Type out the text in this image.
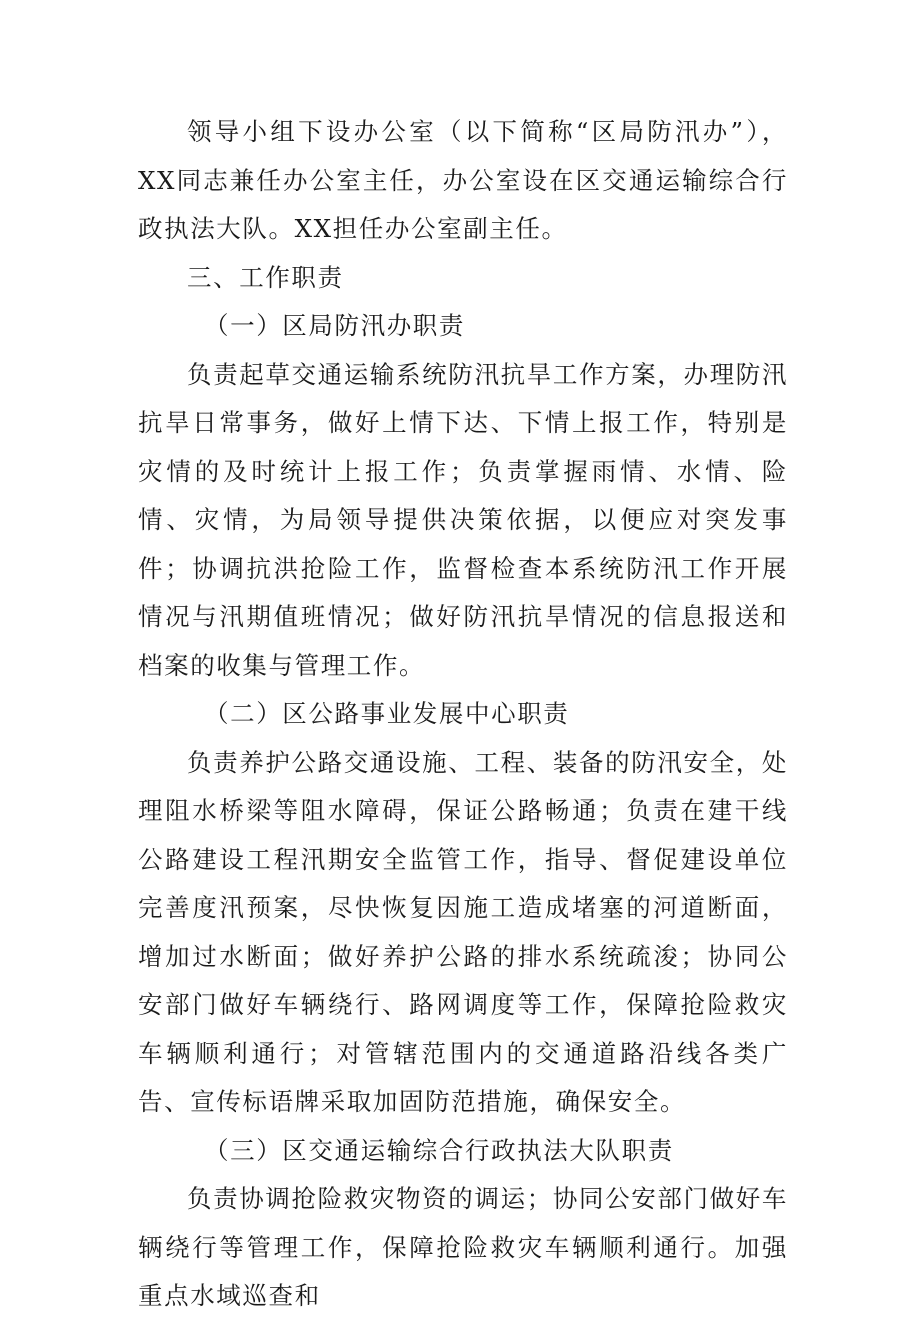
领导小组下设办公室（以下简称“区局防汛办”），XX同志兼任办公室主任，办公室设在区交通运输综合行政执法大队。XX担任办公室副主任。

三、工作职责

（一）区局防汛办职责

负责起草交通运输系统防汛抗旱工作方案，办理防汛抗旱日常事务，做好上情下达、下情上报工作，特别是灾情的及时统计上报工作；负责掌握雨情、水情、险情、灾情，为局领导提供决策依据，以便应对突发事件；协调抗洪抢险工作，监督检查本系统防汛工作开展情况与汛期值班情况；做好防汛抗旱情况的信息报送和档案的收集与管理工作。

（二）区公路事业发展中心职责

负责养护公路交通设施、工程、装备的防汛安全，处理阻水桥梁等阻水障碍，保证公路畅通；负责在建干线公路建设工程汛期安全监管工作，指导、督促建设单位完善度汛预案，尽快恢复因施工造成堵塞的河道断面，增加过水断面；做好养护公路的排水系统疏浚；协同公安部门做好车辆绕行、路网调度等工作，保障抢险救灾车辆顺利通行；对管辖范围内的交通道路沿线各类广告、宣传标语牌采取加固防范措施，确保安全。

（三）区交通运输综合行政执法大队职责

负责协调抢险救灾物资的调运；协同公安部门做好车辆绕行等管理工作，保障抢险救灾车辆顺利通行。加强重点水域巡查和
